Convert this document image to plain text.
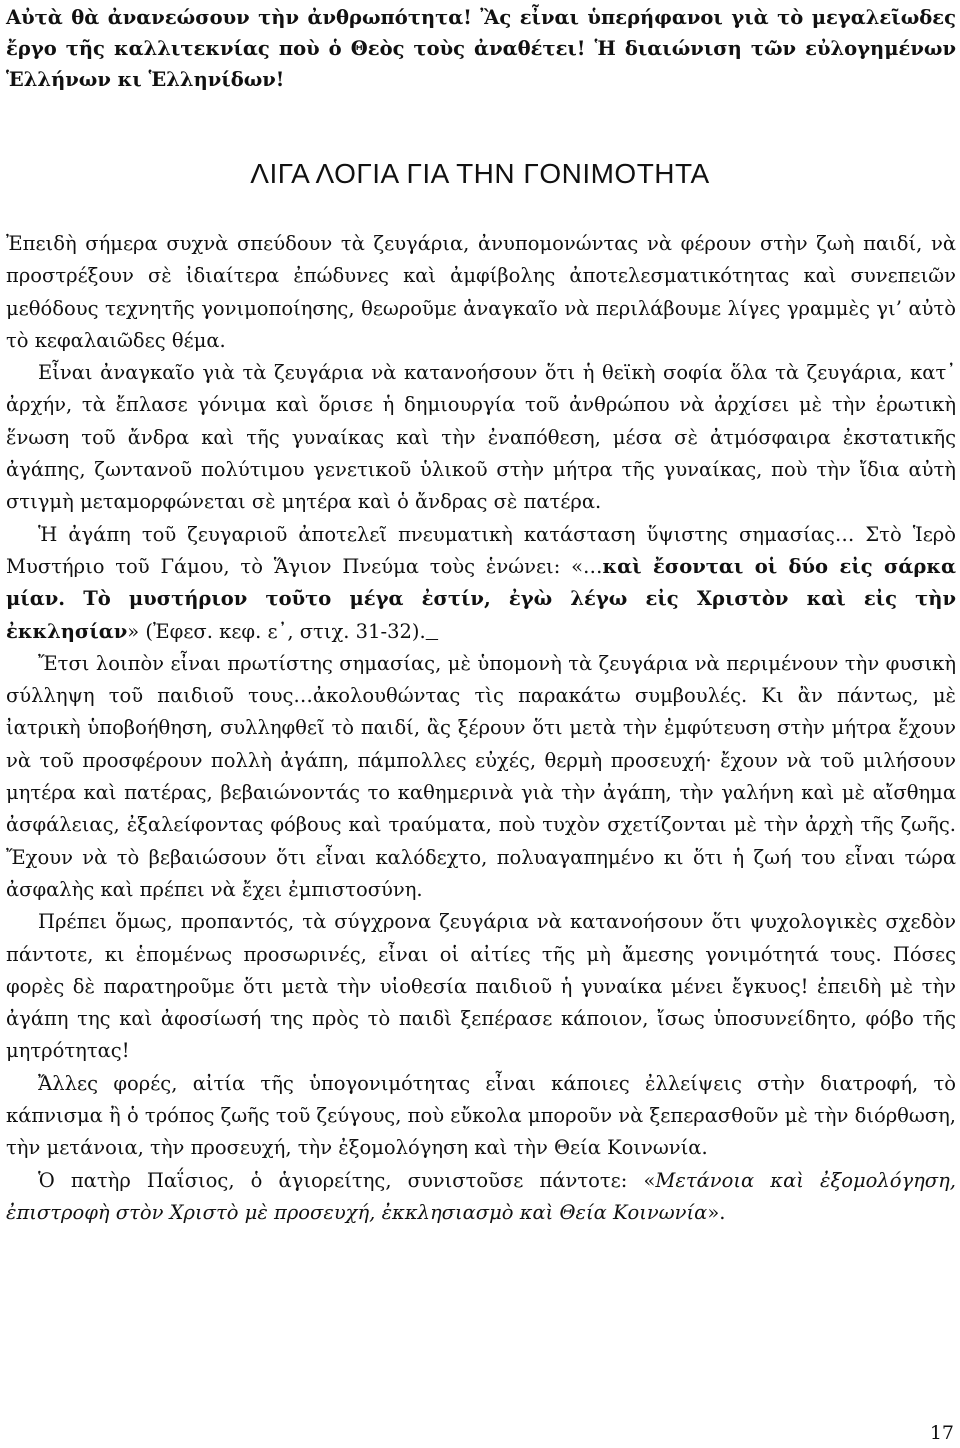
Αὐτὰ θὰ ἀνανεώσουν τὴν ἀνθρωπότητα! Ἂς εἶναι ὑπερήφανοι γιὰ τὸ μεγαλεῖωδες ἔργο τῆς καλλιτεκνίας ποὺ ὁ Θεὸς τοὺς ἀναθέτει! Ἡ διαιώνιση τῶν εὐλογημένων Ἑλλήνων κι Ἑλληνίδων!
ΛΙΓΑ ΛΟΓΙΑ ΓΙΑ ΤΗΝ ΓΟΝΙΜΟΤΗΤΑ

Ἐπειδὴ σήμερα συχνὰ σπεύδουν τὰ ζευγάρια, ἀνυπομονώντας νὰ φέρουν στὴν ζωὴ παιδί, νὰ προστρέξουν σὲ ἰδιαίτερα ἐπώδυνες καὶ ἀμφίβολης ἀποτελεσματικότητας καὶ συνεπειῶν μεθόδους τεχνητῆς γονιμοποίησης, θεωροῦμε ἀναγκαῖο νὰ περιλάβουμε λίγες γραμμὲς γι’ αὐτὸ τὸ κεφαλαιῶδες θέμα.

Εἶναι ἀναγκαῖο γιὰ τὰ ζευγάρια νὰ κατανοήσουν ὅτι ἡ θεϊκὴ σοφία ὅλα τὰ ζευγάρια, κατ᾽ ἀρχήν, τὰ ἔπλασε γόνιμα καὶ ὅρισε ἡ δημιουργία τοῦ ἀνθρώπου νὰ ἀρχίσει μὲ τὴν ἐρωτικὴ ἕνωση τοῦ ἄνδρα καὶ τῆς γυναίκας καὶ τὴν ἐναπόθεση, μέσα σὲ ἀτμόσφαιρα ἐκστατικῆς ἀγάπης, ζωντανοῦ πολύτιμου γενετικοῦ ὑλικοῦ στὴν μήτρα τῆς γυναίκας, ποὺ τὴν ἴδια αὐτὴ στιγμὴ μεταμορφώνεται σὲ μητέρα καὶ ὁ ἄνδρας σὲ πατέρα.

Ἡ ἀγάπη τοῦ ζευγαριοῦ ἀποτελεῖ πνευματικὴ κατάσταση ὕψιστης σημασίας… Στὸ Ἱερὸ Μυστήριο τοῦ Γάμου, τὸ Ἅγιον Πνεύμα τοὺς ἑνώνει: «…καὶ ἔσονται οἱ δύο εἰς σάρκα μίαν. Τὸ μυστήριον τοῦτο μέγα ἐστίν, ἐγὼ λέγω εἰς Χριστὸν καὶ εἰς τὴν ἐκκλησίαν» (Ἐφεσ. κεφ. ε᾽, στιχ. 31-32).

Ἔτσι λοιπὸν εἶναι πρωτίστης σημασίας, μὲ ὑπομονὴ τὰ ζευγάρια νὰ περιμένουν τὴν φυσικὴ σύλληψη τοῦ παιδιοῦ τους…ἀκολουθώντας τὶς παρακάτω συμβουλές. Κι ἂν πάντως, μὲ ἰατρικὴ ὑποβοήθηση, συλληφθεῖ τὸ παιδί, ἂς ξέρουν ὅτι μετὰ τὴν ἐμφύτευση στὴν μήτρα ἔχουν νὰ τοῦ προσφέρουν πολλὴ ἀγάπη, πάμπολλες εὐχές, θερμὴ προσευχή· ἔχουν νὰ τοῦ μιλήσουν μητέρα καὶ πατέρας, βεβαιώνοντάς το καθημερινὰ γιὰ τὴν ἀγάπη, τὴν γαλήνη καὶ μὲ αἴσθημα ἀσφάλειας, ἐξαλείφοντας φόβους καὶ τραύματα, ποὺ τυχὸν σχετίζονται μὲ τὴν ἀρχὴ τῆς ζωῆς. Ἔχουν νὰ τὸ βεβαιώσουν ὅτι εἶναι καλόδεχτο, πολυαγαπημένο κι ὅτι ἡ ζωή του εἶναι τώρα ἀσφαλὴς καὶ πρέπει νὰ ἔχει ἐμπιστοσύνη.

Πρέπει ὅμως, προπαντός, τὰ σύγχρονα ζευγάρια νὰ κατανοήσουν ὅτι ψυχολογικὲς σχεδὸν πάντοτε, κι ἑπομένως προσωρινές, εἶναι οἱ αἰτίες τῆς μὴ ἄμεσης γονιμότητά τους. Πόσες φορὲς δὲ παρατηροῦμε ὅτι μετὰ τὴν υἱοθεσία παιδιοῦ ἡ γυναίκα μένει ἔγκυος! ἐπειδὴ μὲ τὴν ἀγάπη της καὶ ἀφοσίωσή της πρὸς τὸ παιδὶ ξεπέρασε κάποιον, ἴσως ὑποσυνείδητο, φόβο τῆς μητρότητας!

Ἄλλες φορές, αἰτία τῆς ὑπογονιμότητας εἶναι κάποιες ἐλλείψεις στὴν διατροφή, τὸ κάπνισμα ἢ ὁ τρόπος ζωῆς τοῦ ζεύγους, ποὺ εὔκολα μποροῦν νὰ ξεπερασθοῦν μὲ τὴν διόρθωση, τὴν μετάνοια, τὴν προσευχή, τὴν ἐξομολόγηση καὶ τὴν Θεία Κοινωνία.

Ὁ πατὴρ Παΐσιος, ὁ ἁγιορείτης, συνιστοῦσε πάντοτε: «Μετάνοια καὶ ἐξομολόγηση, ἐπιστροφὴ στὸν Χριστὸ μὲ προσευχή, ἐκκλησιασμὸ καὶ Θεία Κοινωνία».

17
